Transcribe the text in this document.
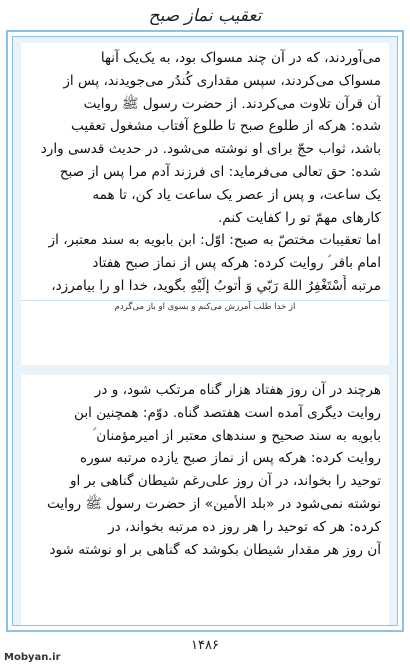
تعقیب نماز صبح
می‌آوردند، که در آن چند مسواک بود، به یک‌یک آنها
مسواک می‌کردند، سپس مقداری کُندُر می‌جویدند، پس از
آن قرآن تلاوت می‌کردند. از حضرت رسول ﷺ روایت
شده: هرکه از طلوع صبح تا طلوع آفتاب مشغول تعقیب
باشد، ثواب حجّ برای او نوشته می‌شود. در حدیث قدسی وارد
شده: حق تعالی می‌فرماید: ای فرزند آدم مرا پس از صبح
یک ساعت، و پس از عصر یک ساعت یاد کن، تا همه
کارهای مهمّ تو را کفایت کنم.
اما تعقیبات مختصّ به صبح: اوّل: ابن بابویه به سند معتبر، از
امام باقر ؑ روایت کرده: هرکه پس از نماز صبح هفتاد
مرتبه أَسْتَغْفِرُ اللهَ رَبّي وَ أتوبُ إلَيْهِ بگوید، خدا او را بیامرزد،
از خدا طلب آمرزش می‌کنم و بسوی او باز می‌گردم
هرچند در آن روز هفتاد هزار گناه مرتکب شود، و در
روایت دیگری آمده است هفتصد گناه. دوّم: همچنین ابن
بابویه به سند صحیح و سندهای معتبر از امیرمؤمنان ؑ
روایت کرده: هرکه پس از نماز صبح یازده مرتبه سوره
توحید را بخواند، در آن روز علی‌رغم شیطان گناهی بر او
نوشته نمی‌شود در «بلد الأمین» از حضرت رسول ﷺ روایت
کرده: هر که توحید را هر روز ده مرتبه بخواند، در
آن روز هر مقدار شیطان بکوشد که گناهی بر او نوشته شود
۱۴۸۶
Mobyan.ir
